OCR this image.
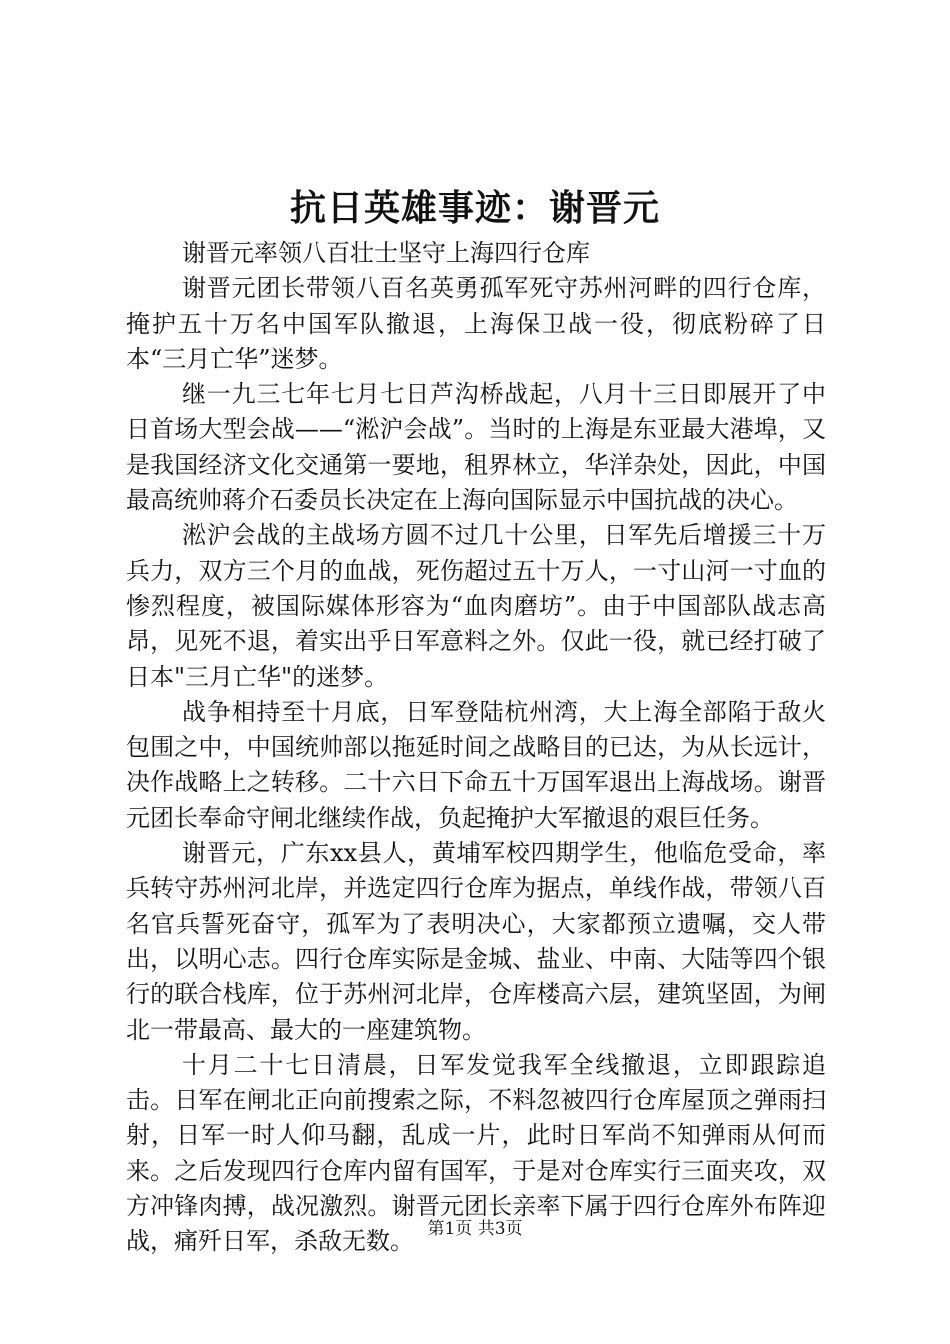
抗日英雄事迹：谢晋元

谢晋元率领八百壮士坚守上海四行仓库

谢晋元团长带领八百名英勇孤军死守苏州河畔的四行仓库，掩护五十万名中国军队撤退，上海保卫战一役，彻底粉碎了日本“三月亡华”迷梦。

继一九三七年七月七日芦沟桥战起，八月十三日即展开了中日首场大型会战——“淞沪会战”。当时的上海是东亚最大港埠，又是我国经济文化交通第一要地，租界林立，华洋杂处，因此，中国最高统帅蒋介石委员长决定在上海向国际显示中国抗战的决心。

淞沪会战的主战场方圆不过几十公里，日军先后增援三十万兵力，双方三个月的血战，死伤超过五十万人，一寸山河一寸血的惨烈程度，被国际媒体形容为“血肉磨坊”。由于中国部队战志高昂，见死不退，着实出乎日军意料之外。仅此一役，就已经打破了日本"三月亡华"的迷梦。

战争相持至十月底，日军登陆杭州湾，大上海全部陷于敌火包围之中，中国统帅部以拖延时间之战略目的已达，为从长远计，决作战略上之转移。二十六日下命五十万国军退出上海战场。谢晋元团长奉命守闸北继续作战，负起掩护大军撤退的艰巨任务。

谢晋元，广东xx县人，黄埔军校四期学生，他临危受命，率兵转守苏州河北岸，并选定四行仓库为据点，单线作战，带领八百名官兵誓死奋守，孤军为了表明决心，大家都预立遗嘱，交人带出，以明心志。四行仓库实际是金城、盐业、中南、大陆等四个银行的联合栈库，位于苏州河北岸，仓库楼高六层，建筑坚固，为闸北一带最高、最大的一座建筑物。

十月二十七日清晨，日军发觉我军全线撤退，立即跟踪追击。日军在闸北正向前搜索之际，不料忽被四行仓库屋顶之弹雨扫射，日军一时人仰马翻，乱成一片，此时日军尚不知弹雨从何而来。之后发现四行仓库内留有国军，于是对仓库实行三面夹攻，双方冲锋肉搏，战况激烈。谢晋元团长亲率下属于四行仓库外布阵迎战，痛歼日军，杀敌无数。 第1页 共3页
